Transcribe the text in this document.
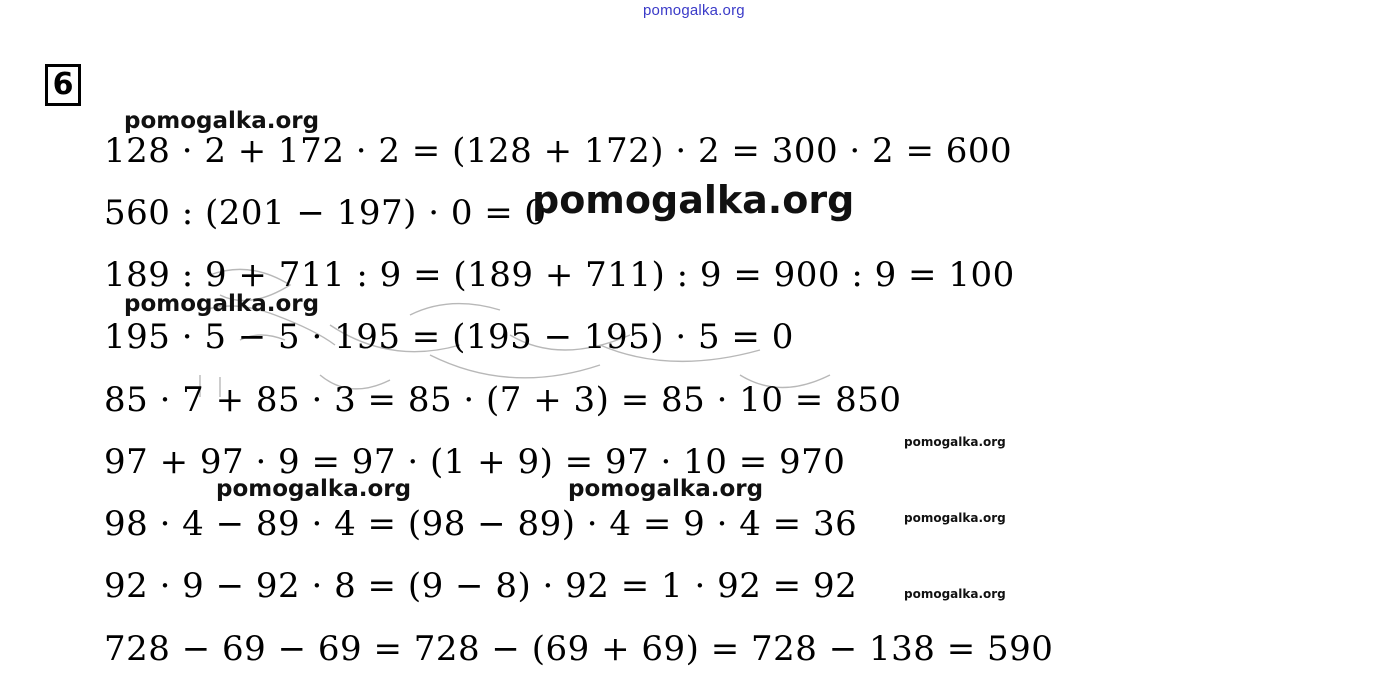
pomogalka.org
6
128 · 2 + 172 · 2 = (128 + 172) · 2 = 300 · 2 = 600
560 : (201 − 197) · 0 = 0
189 : 9 + 711 : 9 = (189 + 711) : 9 = 900 : 9 = 100
195 · 5 − 5 · 195 = (195 − 195) · 5 = 0
85 · 7 + 85 · 3 = 85 · (7 + 3) = 85 · 10 = 850
97 + 97 · 9 = 97 · (1 + 9) = 97 · 10 = 970
98 · 4 − 89 · 4 = (98 − 89) · 4 = 9 · 4 = 36
92 · 9 − 92 · 8 = (9 − 8) · 92 = 1 · 92 = 92
728 − 69 − 69 = 728 − (69 + 69) = 728 − 138 = 590
pomogalka.org
pomogalka.org
pomogalka.org
pomogalka.org
pomogalka.org	pomogalka.org
pomogalka.org
pomogalka.org
